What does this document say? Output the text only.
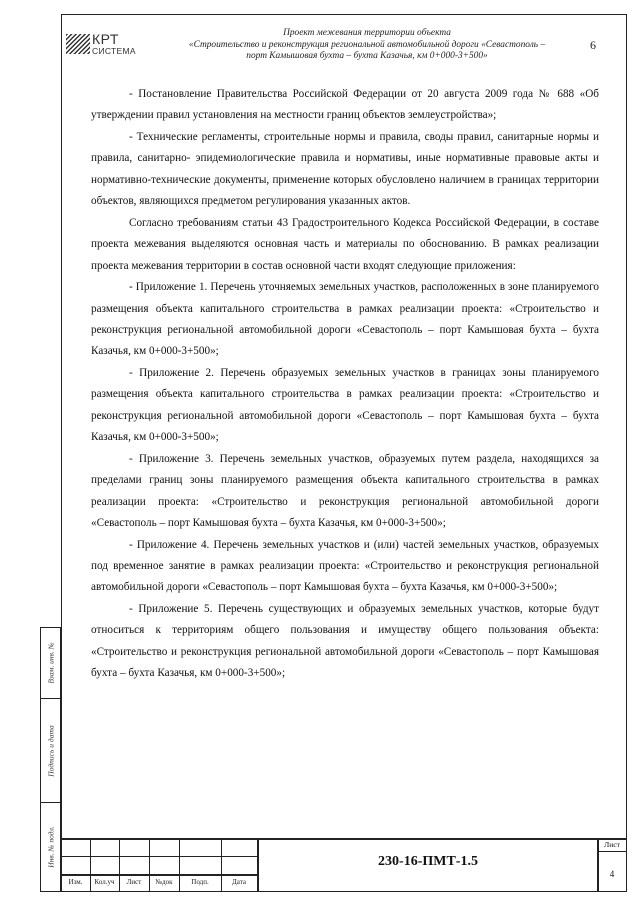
КРТ
СИСТЕМА
Проект межевания территории объекта
«Строительство и реконструкция региональной автомобильной дороги «Севастополь –
порт Камышовая бухта – бухта Казачья, км 0+000-3+500»
6

- Постановление Правительства Российской Федерации от 20 августа 2009 года № 688 «Об утверждении правил установления на местности границ объектов землеустройства»;

- Технические регламенты, строительные нормы и правила, своды правил, санитарные нормы и правила, санитарно- эпидемиологические правила и нормативы, иные нормативные правовые акты и нормативно-технические документы, применение которых обусловлено наличием в границах территории объектов, являющихся предметом регулирования указанных актов.

Согласно требованиям статьи 43 Градостроительного Кодекса Российской Федерации, в составе проекта межевания выделяются основная часть и материалы по обоснованию. В рамках реализации проекта межевания территории в состав основной части входят следующие приложения:

- Приложение 1. Перечень уточняемых земельных участков, расположенных в зоне планируемого размещения объекта капитального строительства в рамках реализации проекта: «Строительство и реконструкция региональной автомобильной дороги «Севастополь – порт Камышовая бухта – бухта Казачья, км 0+000-3+500»;

- Приложение 2. Перечень образуемых земельных участков в границах зоны планируемого размещения объекта капитального строительства в рамках реализации проекта: «Строительство и реконструкция региональной автомобильной дороги «Севастополь – порт Камышовая бухта – бухта Казачья, км 0+000-3+500»;

- Приложение 3. Перечень земельных участков, образуемых путем раздела, находящихся за пределами границ зоны планируемого размещения объекта капитального строительства в рамках реализации проекта: «Строительство и реконструкция региональной автомобильной дороги «Севастополь – порт Камышовая бухта – бухта Казачья, км 0+000-3+500»;

- Приложение 4. Перечень земельных участков и (или) частей земельных участков, образуемых под временное занятие в рамках реализации проекта: «Строительство и реконструкция региональной автомобильной дороги «Севастополь – порт Камышовая бухта – бухта Казачья, км 0+000-3+500»;

- Приложение 5. Перечень существующих и образуемых земельных участков, которые будут относиться к территориям общего пользования и имуществу общего пользования объекта: «Строительство и реконструкция региональной автомобильной дороги «Севастополь – порт Камышовая бухта – бухта Казачья, км 0+000-3+500»;

Взам. инв. №
Подпись и дата
Инв. № подл.
Изм.	Кол.уч	Лист	№док	Подп.	Дата
230-16-ПМТ-1.5
Лист
4
